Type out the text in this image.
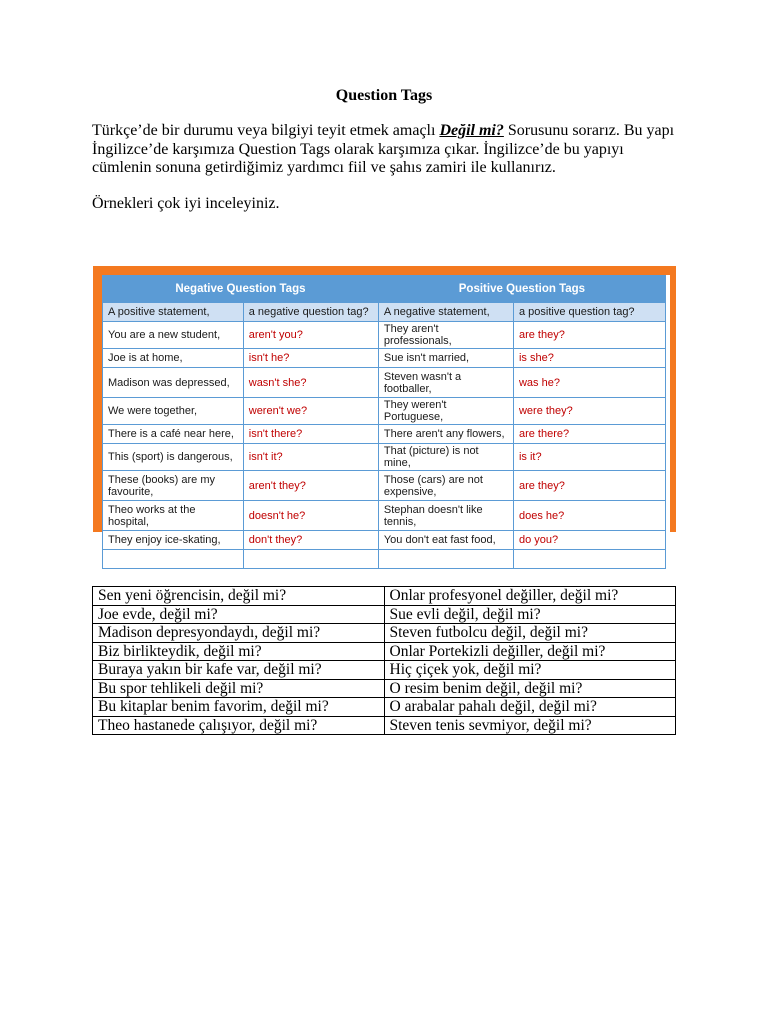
Question Tags
Türkçe’de bir durumu veya bilgiyi teyit etmek amaçlı Değil mi? Sorusunu sorarız. Bu yapı İngilizce’de karşımıza Question Tags olarak karşımıza çıkar. İngilizce’de bu yapıyı cümlenin sonuna getirdiğimiz yardımcı fiil ve şahıs zamiri ile kullanırız.
Örnekleri çok iyi inceleyiniz.
Negative Question Tags		Positive Question Tags	
A positive statement,	a negative question tag?	A negative statement,	a positive question tag?
You are a new student,	aren't you?	They aren't professionals,	are they?
Joe is at home,	isn't he?	Sue isn't married,	is she?
Madison was depressed,	wasn't she?	Steven wasn't a footballer,	was he?
We were together,	weren't we?	They weren't Portuguese,	were they?
There is a café near here,	isn't there?	There aren't any flowers,	are there?
This (sport) is dangerous,	isn't it?	That (picture) is not mine,	is it?
These (books) are my favourite,	aren't they?	Those (cars) are not expensive,	are they?
Theo works at the hospital,	doesn't he?	Stephan doesn't like tennis,	does he?
They enjoy ice-skating,	don't they?	You don't eat fast food,	do you?

Sen yeni öğrencisin, değil mi?	Onlar profesyonel değiller, değil mi?
Joe evde, değil mi?	Sue evli değil, değil mi?
Madison depresyondaydı, değil mi?	Steven futbolcu değil, değil mi?
Biz birlikteydik, değil mi?	Onlar Portekizli değiller, değil mi?
Buraya yakın bir kafe var, değil mi?	Hiç çiçek yok, değil mi?
Bu spor tehlikeli değil mi?	O resim benim değil, değil mi?
Bu kitaplar benim favorim, değil mi?	O arabalar pahalı değil, değil mi?
Theo hastanede çalışıyor, değil mi?	Steven tenis sevmiyor, değil mi?
